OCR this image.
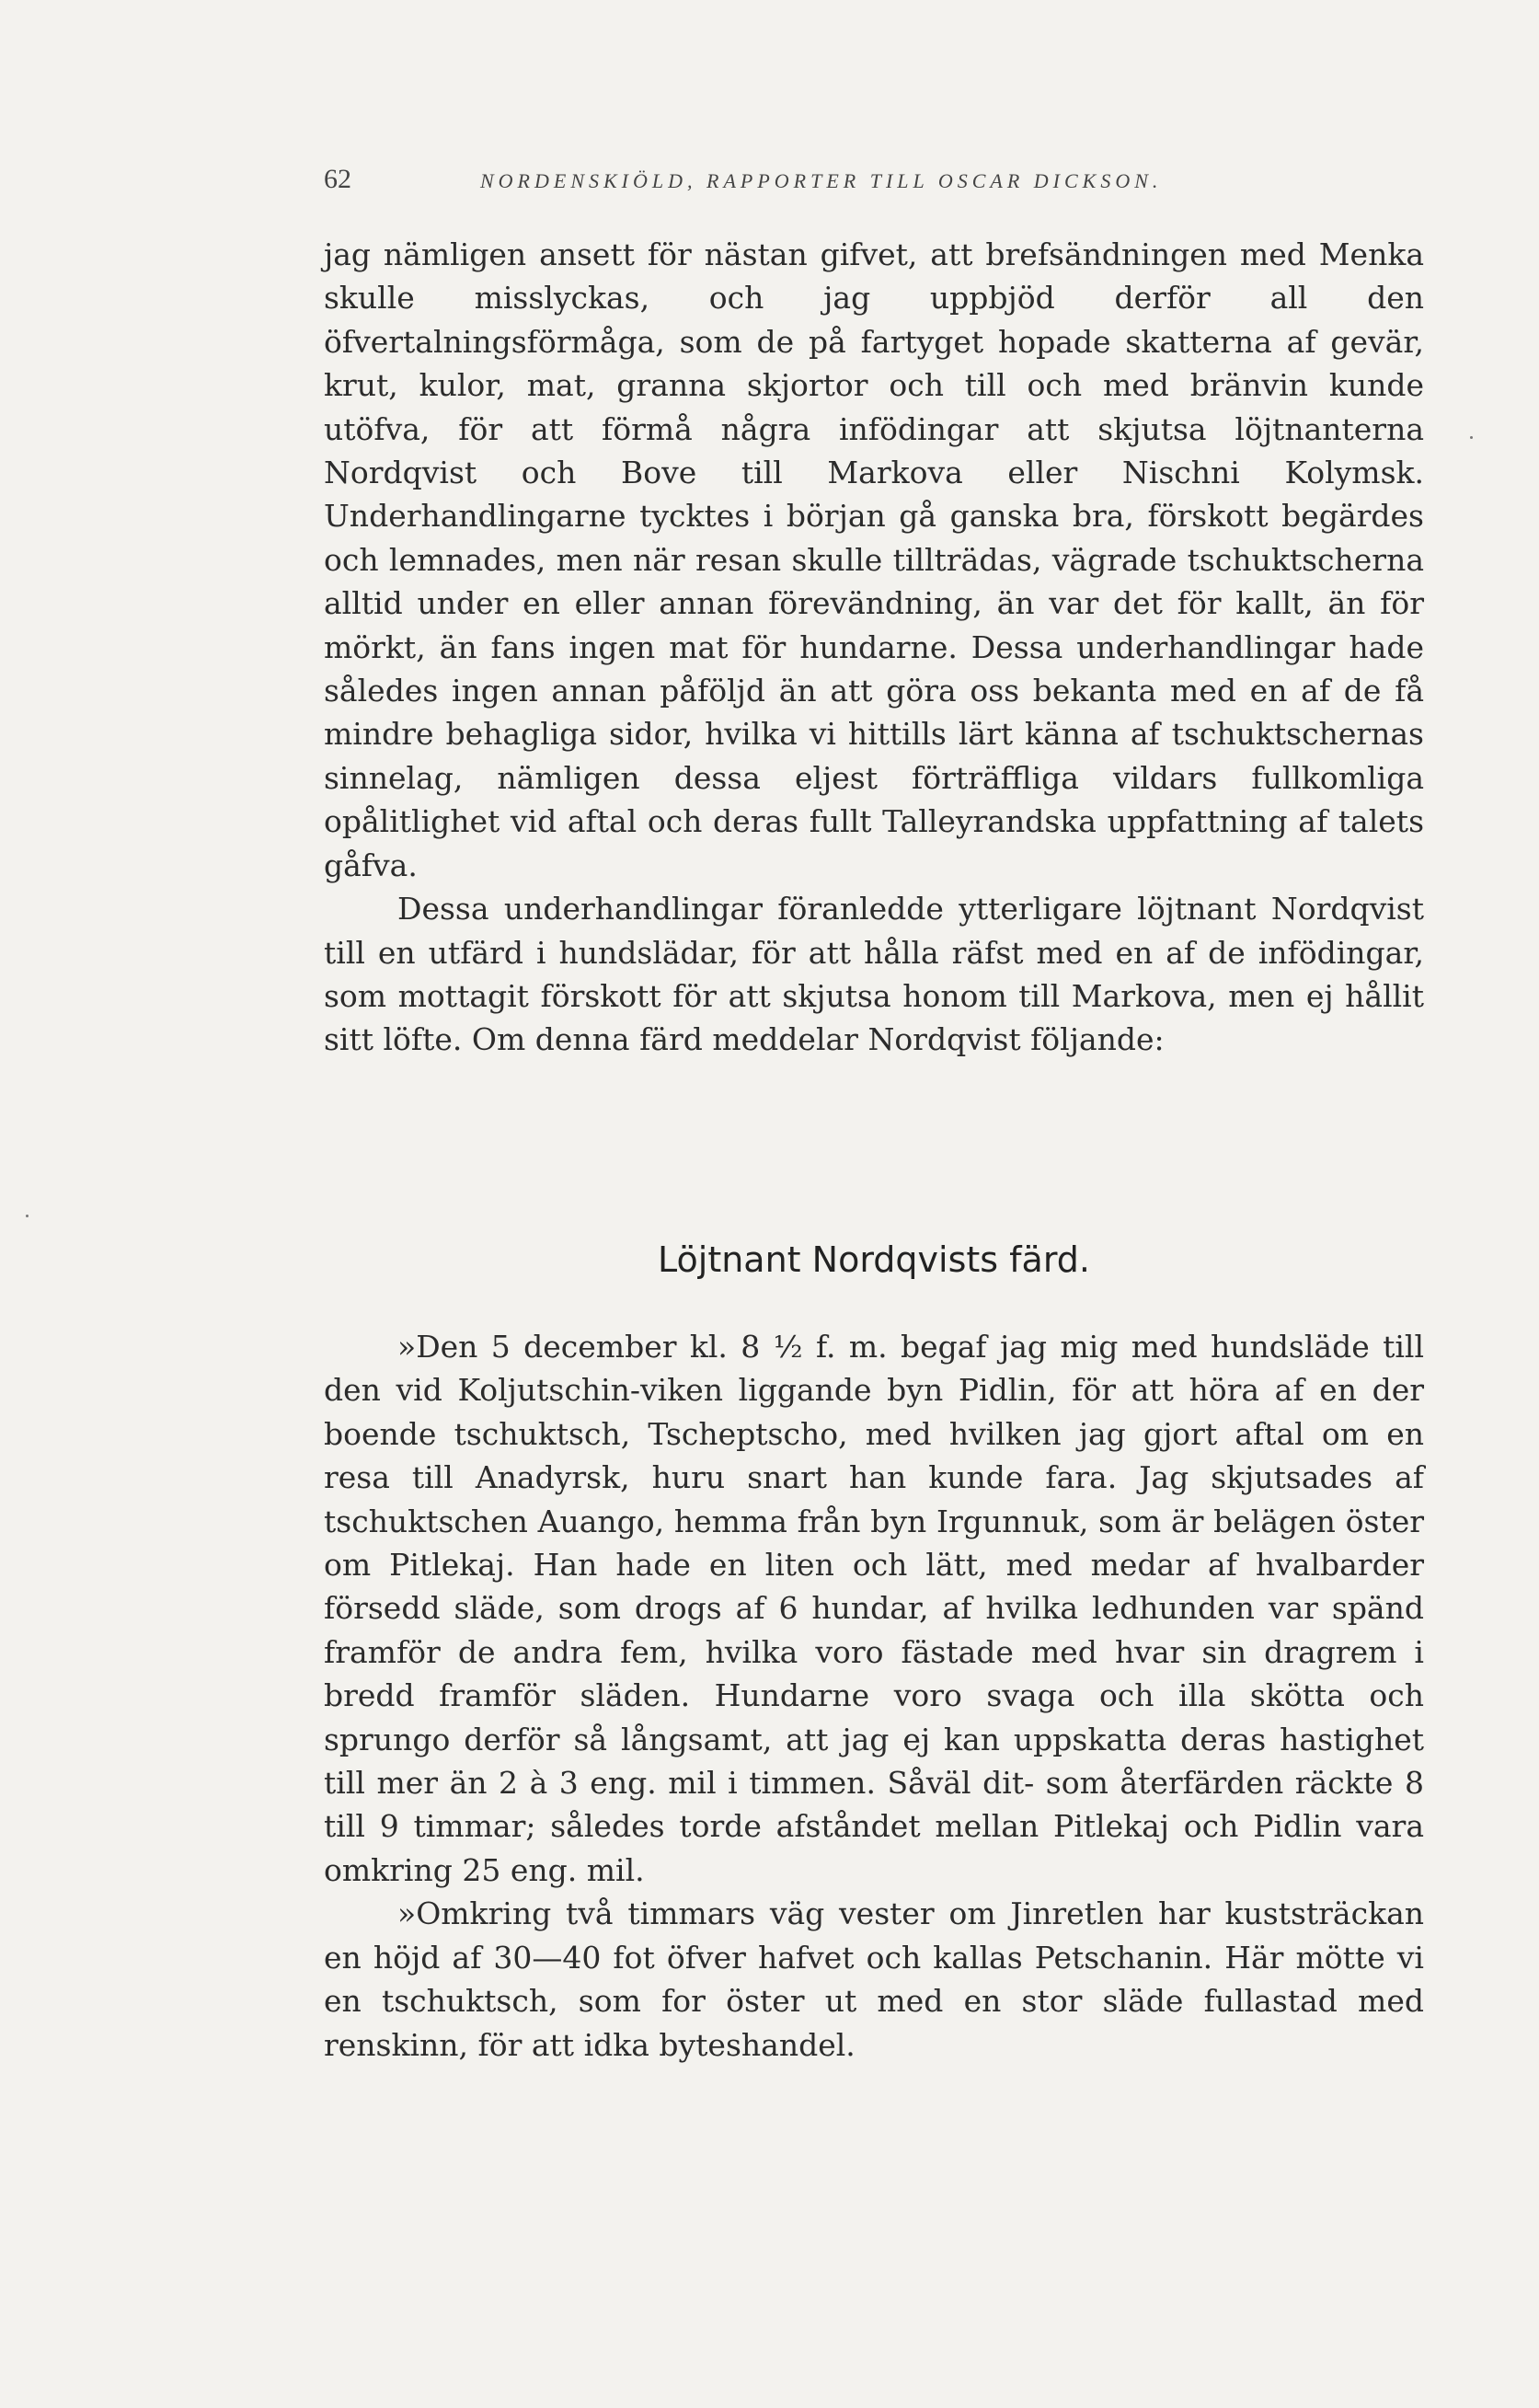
62	NORDENSKIÖLD, RAPPORTER TILL OSCAR DICKSON.

jag nämligen ansett för nästan gifvet, att brefsändningen med Menka skulle misslyckas, och jag uppbjöd derför all den öfvertalningsförmåga, som de på fartyget hopade skatterna af gevär, krut, kulor, mat, granna skjortor och till och med bränvin kunde utöfva, för att förmå några infödingar att skjutsa löjtnanterna Nordqvist och Bove till Markova eller Nischni Kolymsk. Underhandlingarne tycktes i början gå ganska bra, förskott begärdes och lemnades, men när resan skulle tillträdas, vägrade tschuktscherna alltid under en eller annan förevändning, än var det för kallt, än för mörkt, än fans ingen mat för hundarne. Dessa underhandlingar hade således ingen annan påföljd än att göra oss bekanta med en af de få mindre behagliga sidor, hvilka vi hittills lärt känna af tschuktschernas sinnelag, nämligen dessa eljest förträffliga vildars fullkomliga opålitlighet vid aftal och deras fullt Talleyrandska uppfattning af talets gåfva.

Dessa underhandlingar föranledde ytterligare löjtnant Nordqvist till en utfärd i hundslädar, för att hålla räfst med en af de infödingar, som mottagit förskott för att skjutsa honom till Markova, men ej hållit sitt löfte. Om denna färd meddelar Nordqvist följande:

Löjtnant Nordqvists färd.

»Den 5 december kl. 8 ½ f. m. begaf jag mig med hundsläde till den vid Koljutschin-viken liggande byn Pidlin, för att höra af en der boende tschuktsch, Tscheptscho, med hvilken jag gjort aftal om en resa till Anadyrsk, huru snart han kunde fara. Jag skjutsades af tschuktschen Auango, hemma från byn Irgunnuk, som är belägen öster om Pitlekaj. Han hade en liten och lätt, med medar af hvalbarder försedd släde, som drogs af 6 hundar, af hvilka ledhunden var spänd framför de andra fem, hvilka voro fästade med hvar sin dragrem i bredd framför släden. Hundarne voro svaga och illa skötta och sprungo derför så långsamt, att jag ej kan uppskatta deras hastighet till mer än 2 à 3 eng. mil i timmen. Såväl dit- som återfärden räckte 8 till 9 timmar; således torde afståndet mellan Pitlekaj och Pidlin vara omkring 25 eng. mil.

»Omkring två timmars väg vester om Jinretlen har kuststräckan en höjd af 30—40 fot öfver hafvet och kallas Petschanin. Här mötte vi en tschuktsch, som for öster ut med en stor släde fullastad med renskinn, för att idka byteshandel.
